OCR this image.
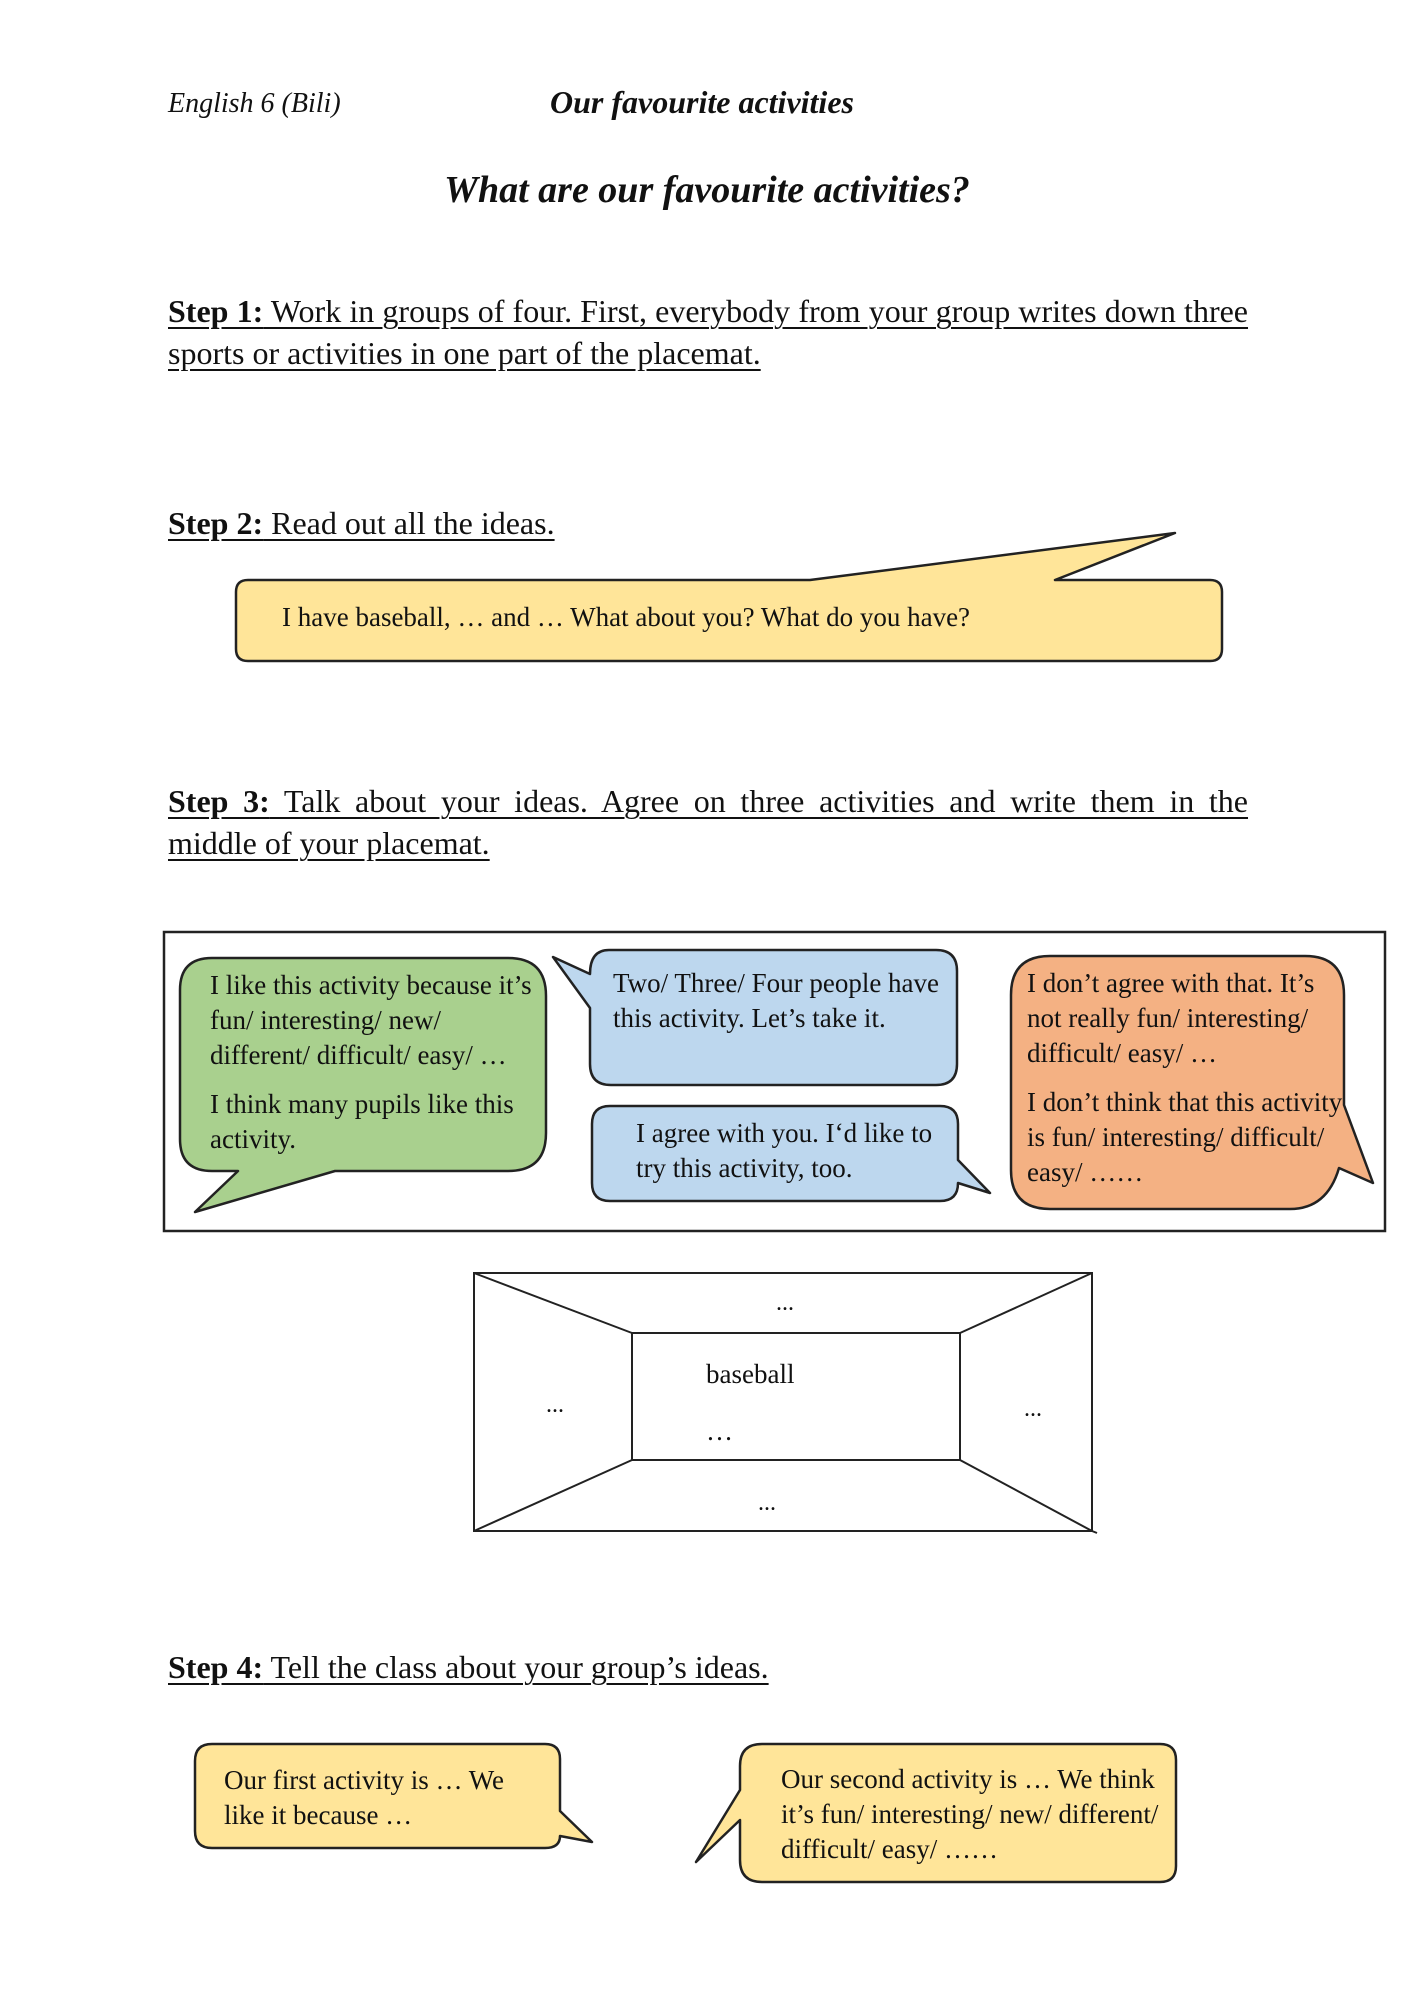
English 6 (Bili)	Our favourite activities
What are our favourite activities?
Step 1: Work in groups of four. First, everybody from your group writes down three sports or activities in one part of the placemat.
Step 2: Read out all the ideas.
Step 3: Talk about your ideas. Agree on three activities and write them in the middle of your placemat.
Step 4: Tell the class about your group’s ideas.
I have baseball, … and … What about you? What do you have?

I like this activity because it’s fun/ interesting/ new/ different/ difficult/ easy/ …

I think many pupils like this activity.

Two/ Three/ Four people have this activity. Let’s take it.
I agree with you. I‘d like to try this activity, too.

I don’t agree with that. It’s not really fun/ interesting/ difficult/ easy/ …

I don’t think that this activity is fun/ interesting/ difficult/ easy/ ……

...
...	...
...
baseball
…
Our first activity is … We like it because …
Our second activity is … We think it’s fun/ interesting/ new/ different/ difficult/ easy/ ……
